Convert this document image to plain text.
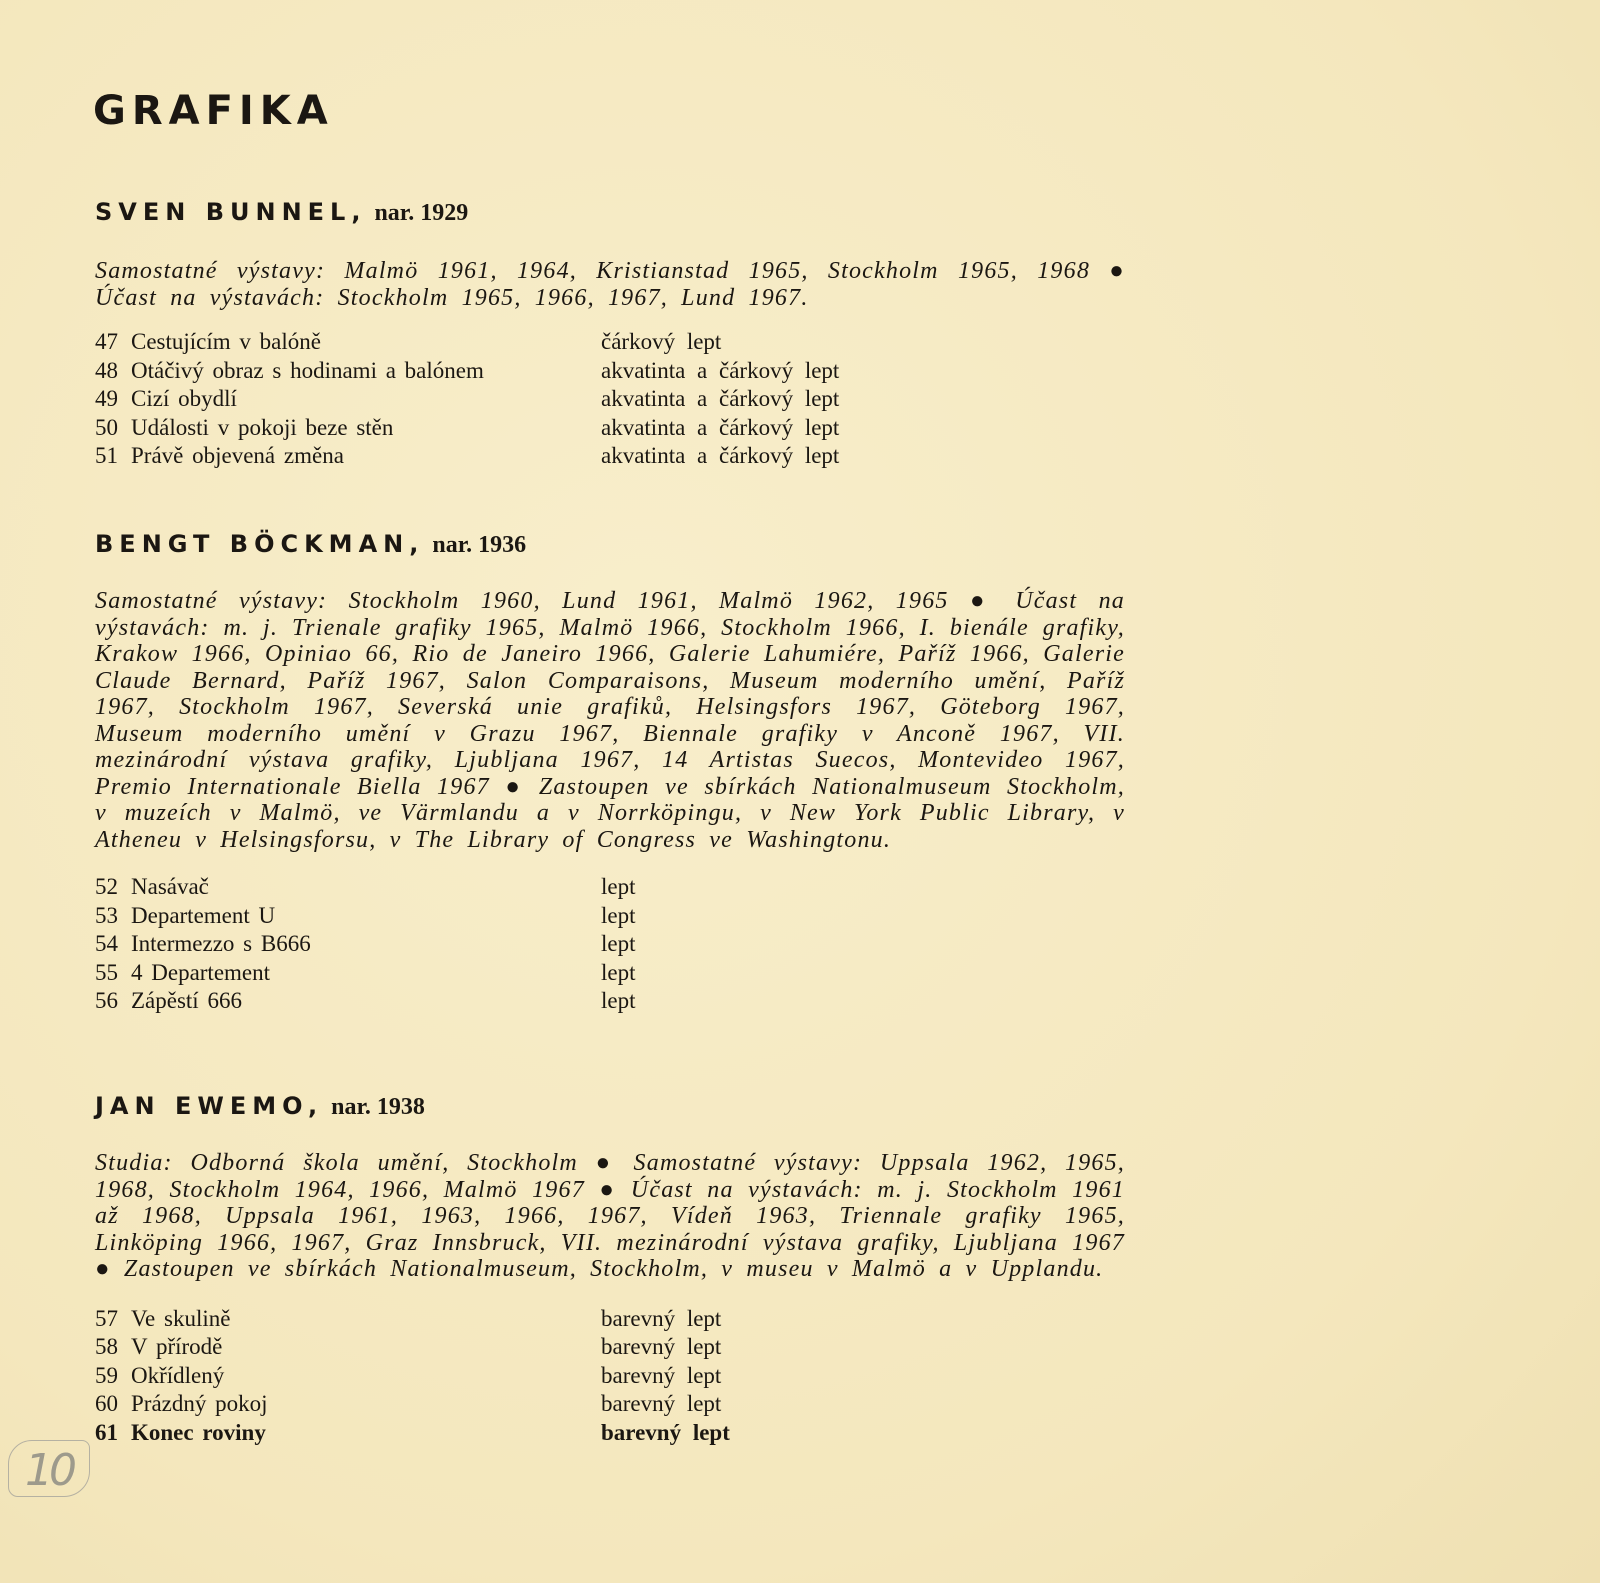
GRAFIKA
SVEN BUNNEL, nar. 1929

Samostatné výstavy: Malmö 1961, 1964, Kristianstad 1965, Stockholm 1965, 1968 ● Účast na výstavách: Stockholm 1965, 1966, 1967, Lund 1967.

47 Cestujícím v balóně	čárkový lept
48 Otáčivý obraz s hodinami a balónem	akvatinta a čárkový lept
49 Cizí obydlí	akvatinta a čárkový lept
50 Události v pokoji beze stěn	akvatinta a čárkový lept
51 Právě objevená změna	akvatinta a čárkový lept
BENGT BÖCKMAN, nar. 1936

Samostatné výstavy: Stockholm 1960, Lund 1961, Malmö 1962, 1965 ● Účast na výstavách: m. j. Trienale grafiky 1965, Malmö 1966, Stockholm 1966, I. bienále grafiky, Krakow 1966, Opiniao 66, Rio de Janeiro 1966, Galerie Lahumiére, Paříž 1966, Galerie Claude Bernard, Paříž 1967, Salon Comparaisons, Museum moderního umění, Paříž 1967, Stockholm 1967, Severská unie grafiků, Helsingsfors 1967, Göteborg 1967, Museum moderního umění v Grazu 1967, Biennale grafiky v Anconě 1967, VII. mezinárodní výstava grafiky, Ljubljana 1967, 14 Artistas Suecos, Montevideo 1967, Premio Internationale Biella 1967 ● Zastoupen ve sbírkách Nationalmuseum Stockholm, v muzeích v Malmö, ve Värmlandu a v Norrköpingu, v New York Public Library, v Atheneu v Helsingsforsu, v The Library of Congress ve Washingtonu.

52 Nasávač	lept
53 Departement U	lept
54 Intermezzo s B666	lept
55 4 Departement	lept
56 Zápěstí 666	lept
JAN EWEMO, nar. 1938

Studia: Odborná škola umění, Stockholm ● Samostatné výstavy: Uppsala 1962, 1965, 1968, Stockholm 1964, 1966, Malmö 1967 ● Účast na výstavách: m. j. Stockholm 1961 až 1968, Uppsala 1961, 1963, 1966, 1967, Vídeň 1963, Triennale grafiky 1965, Linköping 1966, 1967, Graz Innsbruck, VII. mezinárodní výstava grafiky, Ljubljana 1967 ● Zastoupen ve sbírkách Nationalmuseum, Stockholm, v museu v Malmö a v Upplandu.

57 Ve skulině	barevný lept
58 V přírodě	barevný lept
59 Okřídlený	barevný lept
60 Prázdný pokoj	barevný lept
61 Konec roviny	barevný lept
10
